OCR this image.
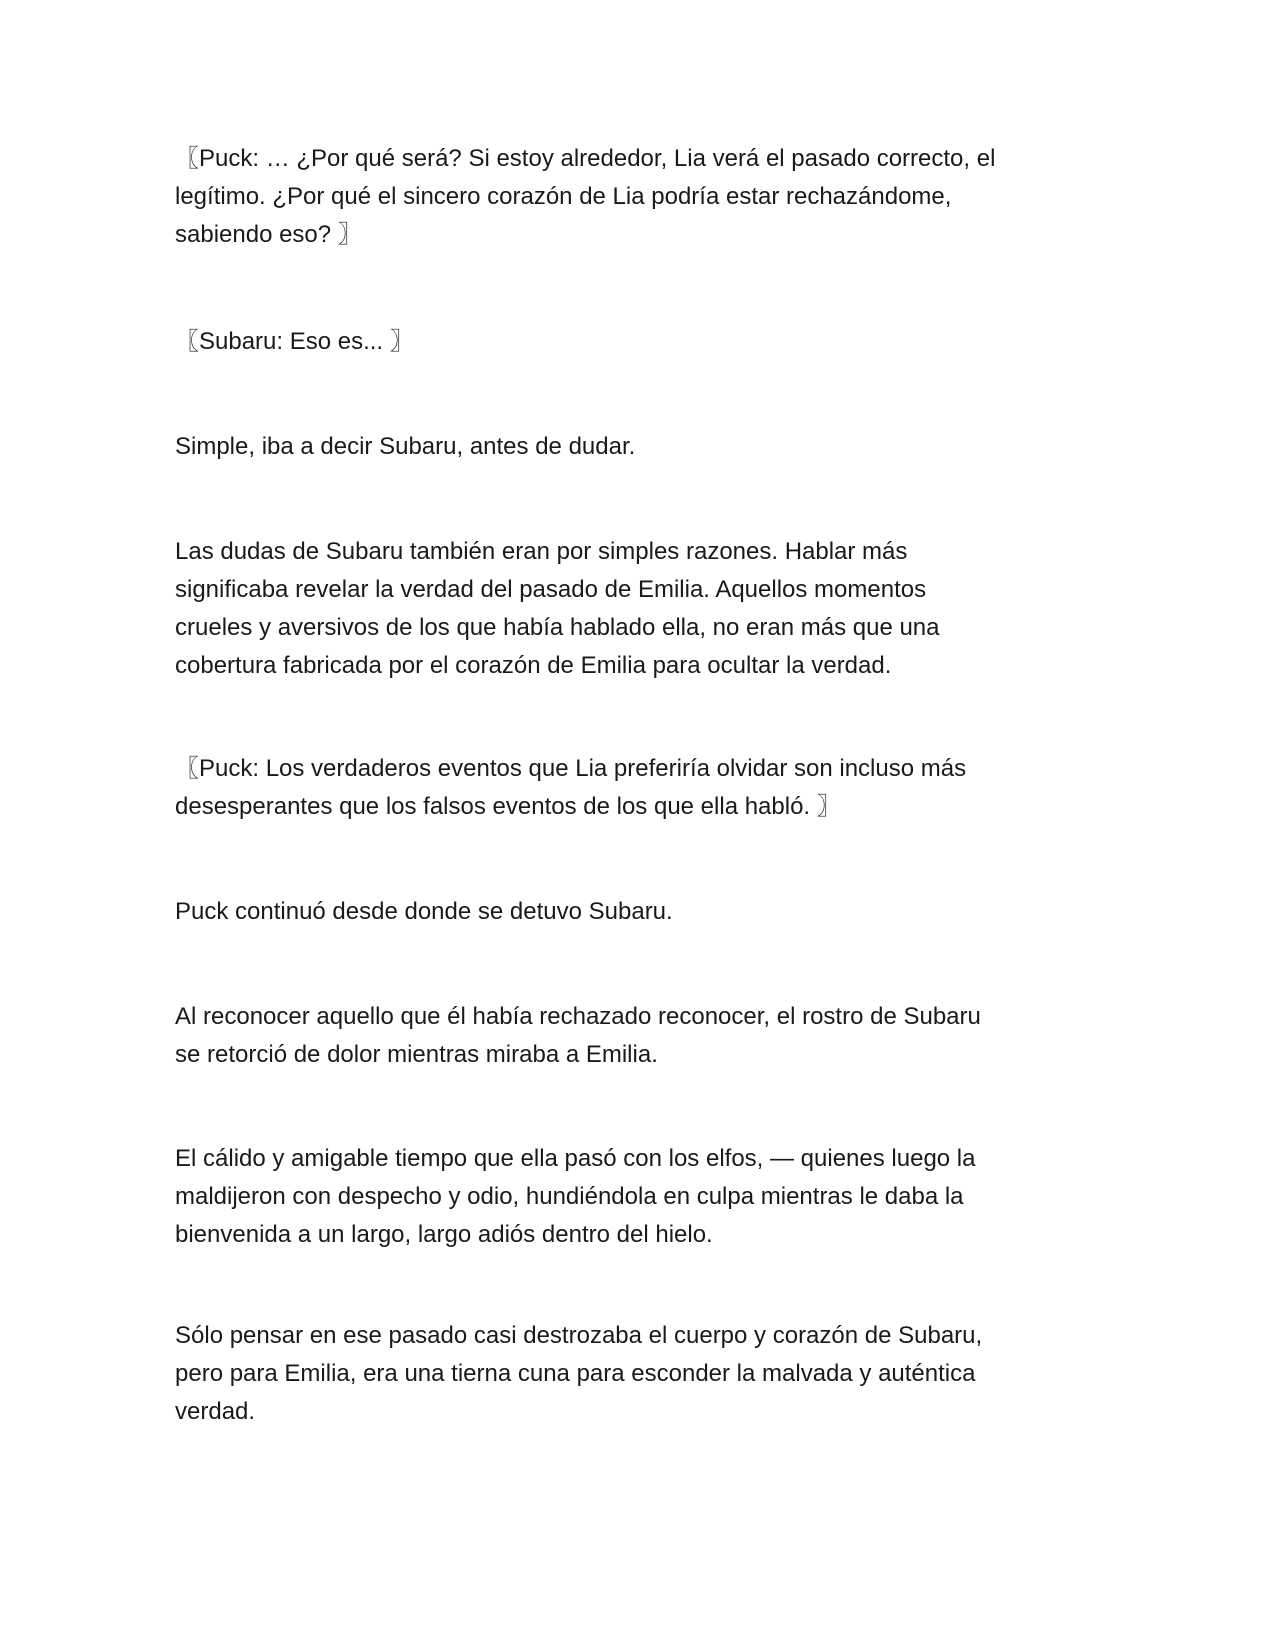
〖Puck: … ¿Por qué será? Si estoy alrededor, Lia verá el pasado correcto, el
legítimo. ¿Por qué el sincero corazón de Lia podría estar rechazándome,
sabiendo eso? 〗
〖Subaru: Eso es... 〗
Simple, iba a decir Subaru, antes de dudar.
Las dudas de Subaru también eran por simples razones. Hablar más
significaba revelar la verdad del pasado de Emilia. Aquellos momentos
crueles y aversivos de los que había hablado ella, no eran más que una
cobertura fabricada por el corazón de Emilia para ocultar la verdad.
〖Puck: Los verdaderos eventos que Lia preferiría olvidar son incluso más
desesperantes que los falsos eventos de los que ella habló. 〗
Puck continuó desde donde se detuvo Subaru.
Al reconocer aquello que él había rechazado reconocer, el rostro de Subaru
se retorció de dolor mientras miraba a Emilia.
El cálido y amigable tiempo que ella pasó con los elfos, — quienes luego la
maldijeron con despecho y odio, hundiéndola en culpa mientras le daba la
bienvenida a un largo, largo adiós dentro del hielo.
Sólo pensar en ese pasado casi destrozaba el cuerpo y corazón de Subaru,
pero para Emilia, era una tierna cuna para esconder la malvada y auténtica
verdad.
